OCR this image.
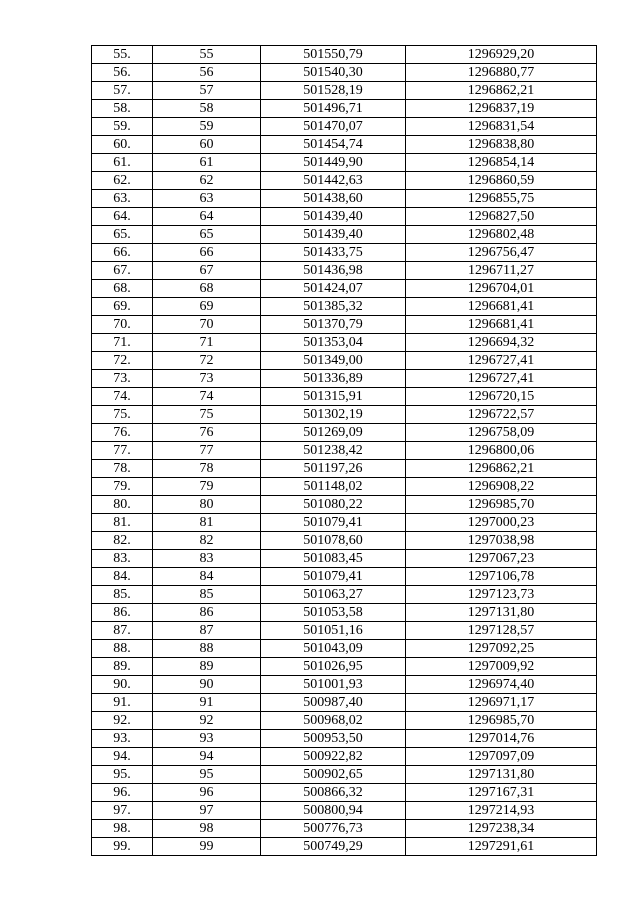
55.	55	501550,79	1296929,20
56.	56	501540,30	1296880,77
57.	57	501528,19	1296862,21
58.	58	501496,71	1296837,19
59.	59	501470,07	1296831,54
60.	60	501454,74	1296838,80
61.	61	501449,90	1296854,14
62.	62	501442,63	1296860,59
63.	63	501438,60	1296855,75
64.	64	501439,40	1296827,50
65.	65	501439,40	1296802,48
66.	66	501433,75	1296756,47
67.	67	501436,98	1296711,27
68.	68	501424,07	1296704,01
69.	69	501385,32	1296681,41
70.	70	501370,79	1296681,41
71.	71	501353,04	1296694,32
72.	72	501349,00	1296727,41
73.	73	501336,89	1296727,41
74.	74	501315,91	1296720,15
75.	75	501302,19	1296722,57
76.	76	501269,09	1296758,09
77.	77	501238,42	1296800,06
78.	78	501197,26	1296862,21
79.	79	501148,02	1296908,22
80.	80	501080,22	1296985,70
81.	81	501079,41	1297000,23
82.	82	501078,60	1297038,98
83.	83	501083,45	1297067,23
84.	84	501079,41	1297106,78
85.	85	501063,27	1297123,73
86.	86	501053,58	1297131,80
87.	87	501051,16	1297128,57
88.	88	501043,09	1297092,25
89.	89	501026,95	1297009,92
90.	90	501001,93	1296974,40
91.	91	500987,40	1296971,17
92.	92	500968,02	1296985,70
93.	93	500953,50	1297014,76
94.	94	500922,82	1297097,09
95.	95	500902,65	1297131,80
96.	96	500866,32	1297167,31
97.	97	500800,94	1297214,93
98.	98	500776,73	1297238,34
99.	99	500749,29	1297291,61
